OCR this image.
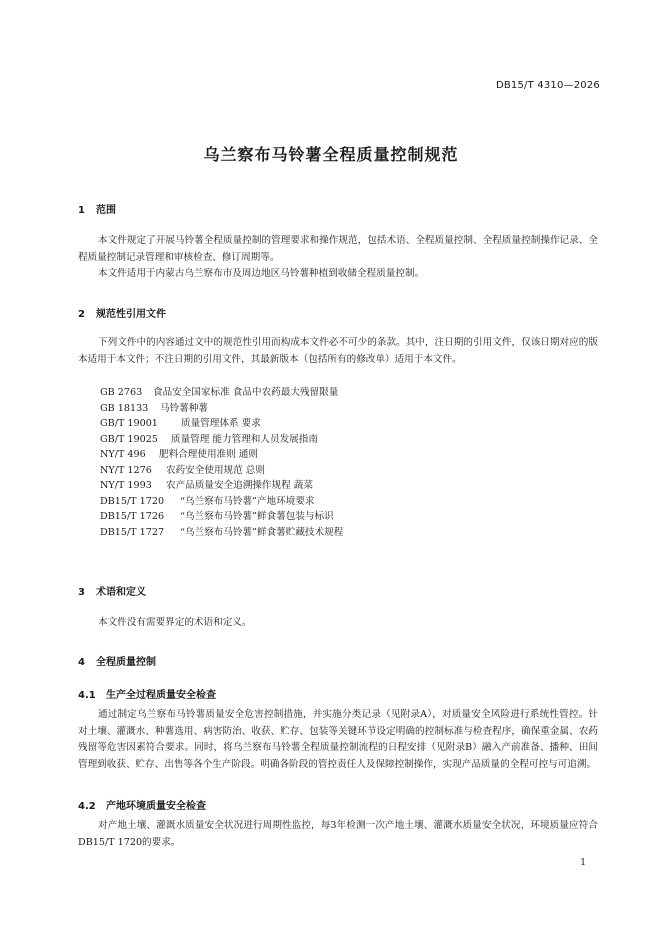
DB15/T 4310—2026
乌兰察布马铃薯全程质量控制规范
1 范围
本文件规定了开展马铃薯全程质量控制的管理要求和操作规范，包括术语、全程质量控制、全程质量控制操作记录、全程质量控制记录管理和审核检查、修订周期等。
本文件适用于内蒙古乌兰察布市及周边地区马铃薯种植到收储全程质量控制。
2 规范性引用文件
下列文件中的内容通过文中的规范性引用而构成本文件必不可少的条款。其中，注日期的引用文件，仅该日期对应的版本适用于本文件；不注日期的引用文件，其最新版本（包括所有的修改单）适用于本文件。
GB 2763 食品安全国家标准 食品中农药最大残留限量
GB 18133 马铃薯种薯
GB/T 19001 质量管理体系 要求
GB/T 19025 质量管理 能力管理和人员发展指南
NY/T 496 肥料合理使用准则 通则
NY/T 1276 农药安全使用规范 总则
NY/T 1993 农产品质量安全追溯操作规程 蔬菜
DB15/T 1720 “乌兰察布马铃薯”产地环境要求
DB15/T 1726 “乌兰察布马铃薯”鲜食薯包装与标识
DB15/T 1727 “乌兰察布马铃薯”鲜食薯贮藏技术规程
3 术语和定义
本文件没有需要界定的术语和定义。
4 全程质量控制
4.1 生产全过程质量安全检查
通过制定乌兰察布马铃薯质量安全危害控制措施，并实施分类记录（见附录A），对质量安全风险进行系统性管控。针对土壤、灌溉水、种薯选用、病害防治、收获、贮存、包装等关键环节设定明确的控制标准与检查程序，确保重金属、农药残留等危害因素符合要求。同时，将乌兰察布马铃薯全程质量控制流程的日程安排（见附录B）融入产前准备、播种、田间管理到收获、贮存、出售等各个生产阶段。明确各阶段的管控责任人及保障控制操作，实现产品质量的全程可控与可追溯。
4.2 产地环境质量安全检查
对产地土壤、灌溉水质量安全状况进行周期性监控，每3年检测一次产地土壤、灌溉水质量安全状况，环境质量应符合DB15/T 1720的要求。
1
